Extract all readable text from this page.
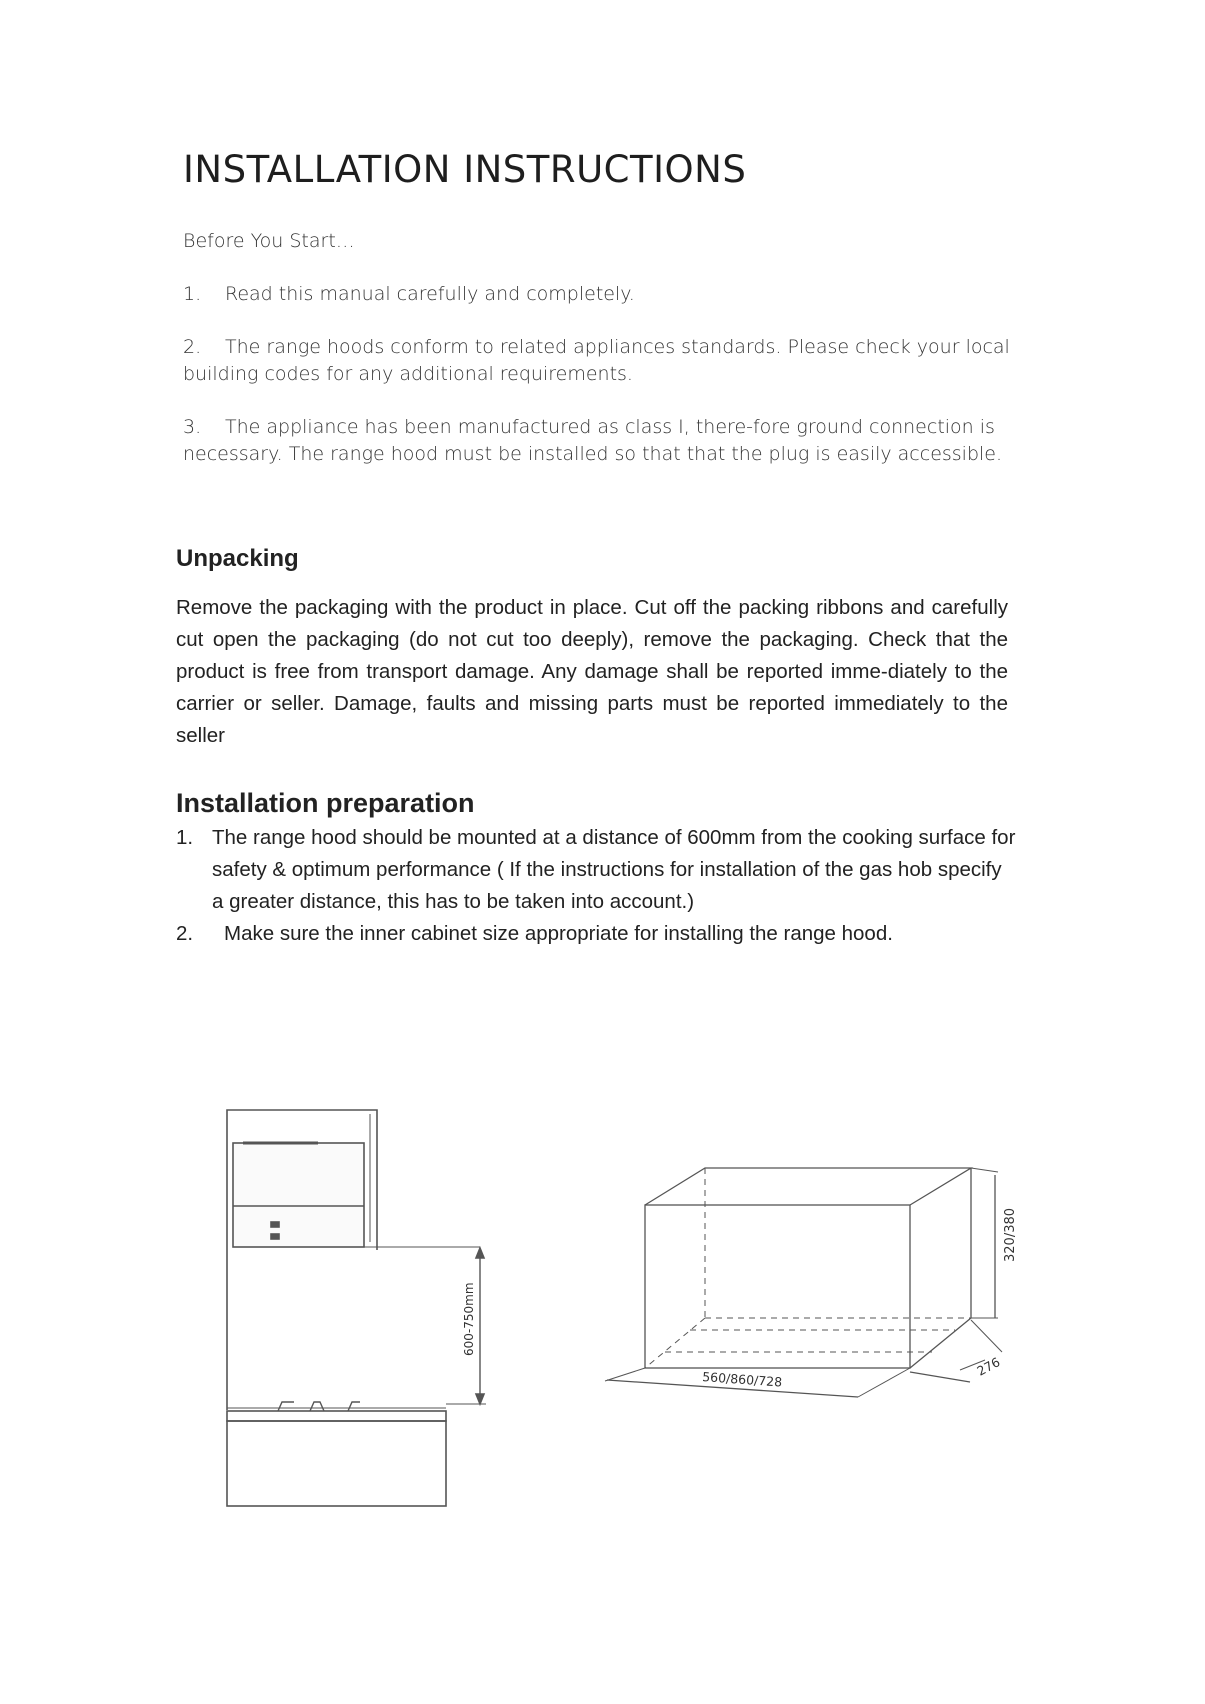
INSTALLATION INSTRUCTIONS

Before You Start…

1. Read this manual carefully and completely.

2. The range hoods conform to related appliances standards. Please check your local building codes for any additional requirements.

3. The appliance has been manufactured as class I, there-fore ground connection is necessary. The range hood must be installed so that that the plug is easily accessible.

Unpacking

Remove the packaging with the product in place. Cut off the packing ribbons and carefully cut open the packaging (do not cut too deeply), remove the packaging. Check that the product is free from transport damage. Any damage shall be reported imme-diately to the carrier or seller. Damage, faults and missing parts must be reported immediately to the seller

Installation preparation
1. The range hood should be mounted at a distance of 600mm from the cooking surface for safety & optimum performance ( If the instructions for installation of the gas hob specify a greater distance, this has to be taken into account.)
2. Make sure the inner cabinet size appropriate for installing the range hood.
600-750mm
560/860/728
276
320/380
